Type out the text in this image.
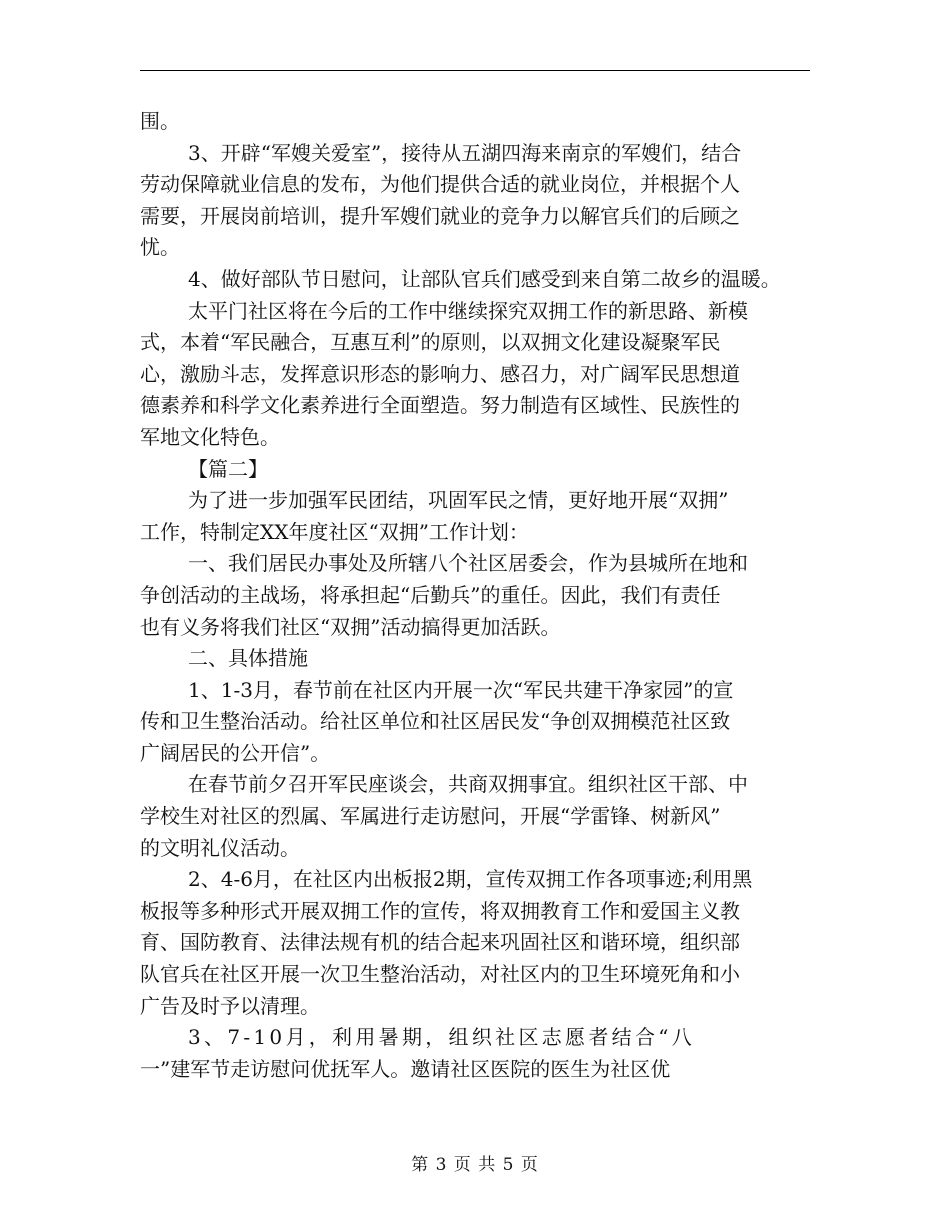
围。
3、开辟“军嫂关爱室”，接待从五湖四海来南京的军嫂们，结合
劳动保障就业信息的发布，为他们提供合适的就业岗位，并根据个人
需要，开展岗前培训，提升军嫂们就业的竞争力以解官兵们的后顾之
忧。
4、做好部队节日慰问，让部队官兵们感受到来自第二故乡的温暖。
太平门社区将在今后的工作中继续探究双拥工作的新思路、新模
式，本着“军民融合，互惠互利”的原则，以双拥文化建设凝聚军民
心，激励斗志，发挥意识形态的影响力、感召力，对广阔军民思想道
德素养和科学文化素养进行全面塑造。努力制造有区域性、民族性的
军地文化特色。
【篇二】
为了进一步加强军民团结，巩固军民之情，更好地开展“双拥”
工作，特制定XX年度社区“双拥”工作计划：
一、我们居民办事处及所辖八个社区居委会，作为县城所在地和
争创活动的主战场，将承担起“后勤兵”的重任。因此，我们有责任
也有义务将我们社区“双拥”活动搞得更加活跃。
二、具体措施
1、1-3月，春节前在社区内开展一次“军民共建干净家园”的宣
传和卫生整治活动。给社区单位和社区居民发“争创双拥模范社区致
广阔居民的公开信”。
在春节前夕召开军民座谈会，共商双拥事宜。组织社区干部、中
学校生对社区的烈属、军属进行走访慰问，开展“学雷锋、树新风”
的文明礼仪活动。
2、4-6月，在社区内出板报2期，宣传双拥工作各项事迹;利用黑
板报等多种形式开展双拥工作的宣传，将双拥教育工作和爱国主义教
育、国防教育、法律法规有机的结合起来巩固社区和谐环境，组织部
队官兵在社区开展一次卫生整治活动，对社区内的卫生环境死角和小
广告及时予以清理。
3、7-10月，利用暑期，组织社区志愿者结合“八
一”建军节走访慰问优抚军人。邀请社区医院的医生为社区优
第 3 页 共 5 页
